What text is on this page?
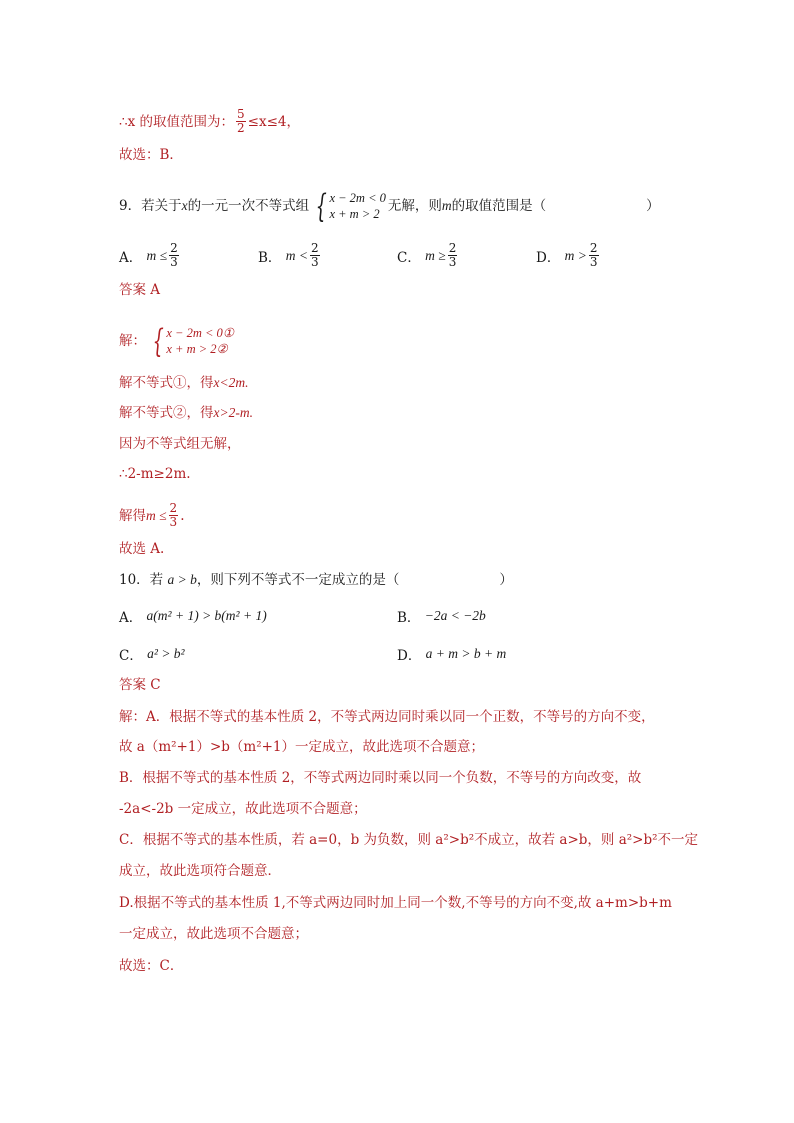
∴x 的取值范围为： $\frac{5}{2} \le x\le 4$，
故选：B．
9．若关于 x 的一元一次不等式组 { x − 2m < 0
x + m > 2 无解，则 m 的取值范围是（	）
A．
$m \le \frac{2}{3}$	B．
$m < \frac{2}{3}$	C．
$m \ge \frac{2}{3}$	D．
$m > \frac{2}{3}$
答案 A
解： { x − 2m < 0①
x + m > 2②
解不等式①，得 x<2m.
解不等式②，得 x>2-m.
因为不等式组无解，
∴2-m≥2m.
解得 $m \le \frac{2}{3}$ .
故选 A.
10．若
a > b ，则下列不等式不一定成立的是（	）
A．
a(m² + 1) > b(m² + 1)	B．
−2a < −2b
C．
a² > b²	D．
a + m > b + m
答案 C
解：A．根据不等式的基本性质 2，不等式两边同时乘以同一个正数，不等号的方向不变，
故 a（m²+1）>b（m²+1）一定成立，故此选项不合题意；
B．根据不等式的基本性质 2，不等式两边同时乘以同一个负数，不等号的方向改变，故
-2a<-2b 一定成立，故此选项不合题意；
C．根据不等式的基本性质，若 a=0，b 为负数，则 a²>b²不成立，故若 a>b，则 a²>b²不一定
成立，故此选项符合题意．
D.根据不等式的基本性质 1,不等式两边同时加上同一个数,不等号的方向不变,故 a+m>b+m
一定成立，故此选项不合题意；
故选：C．
